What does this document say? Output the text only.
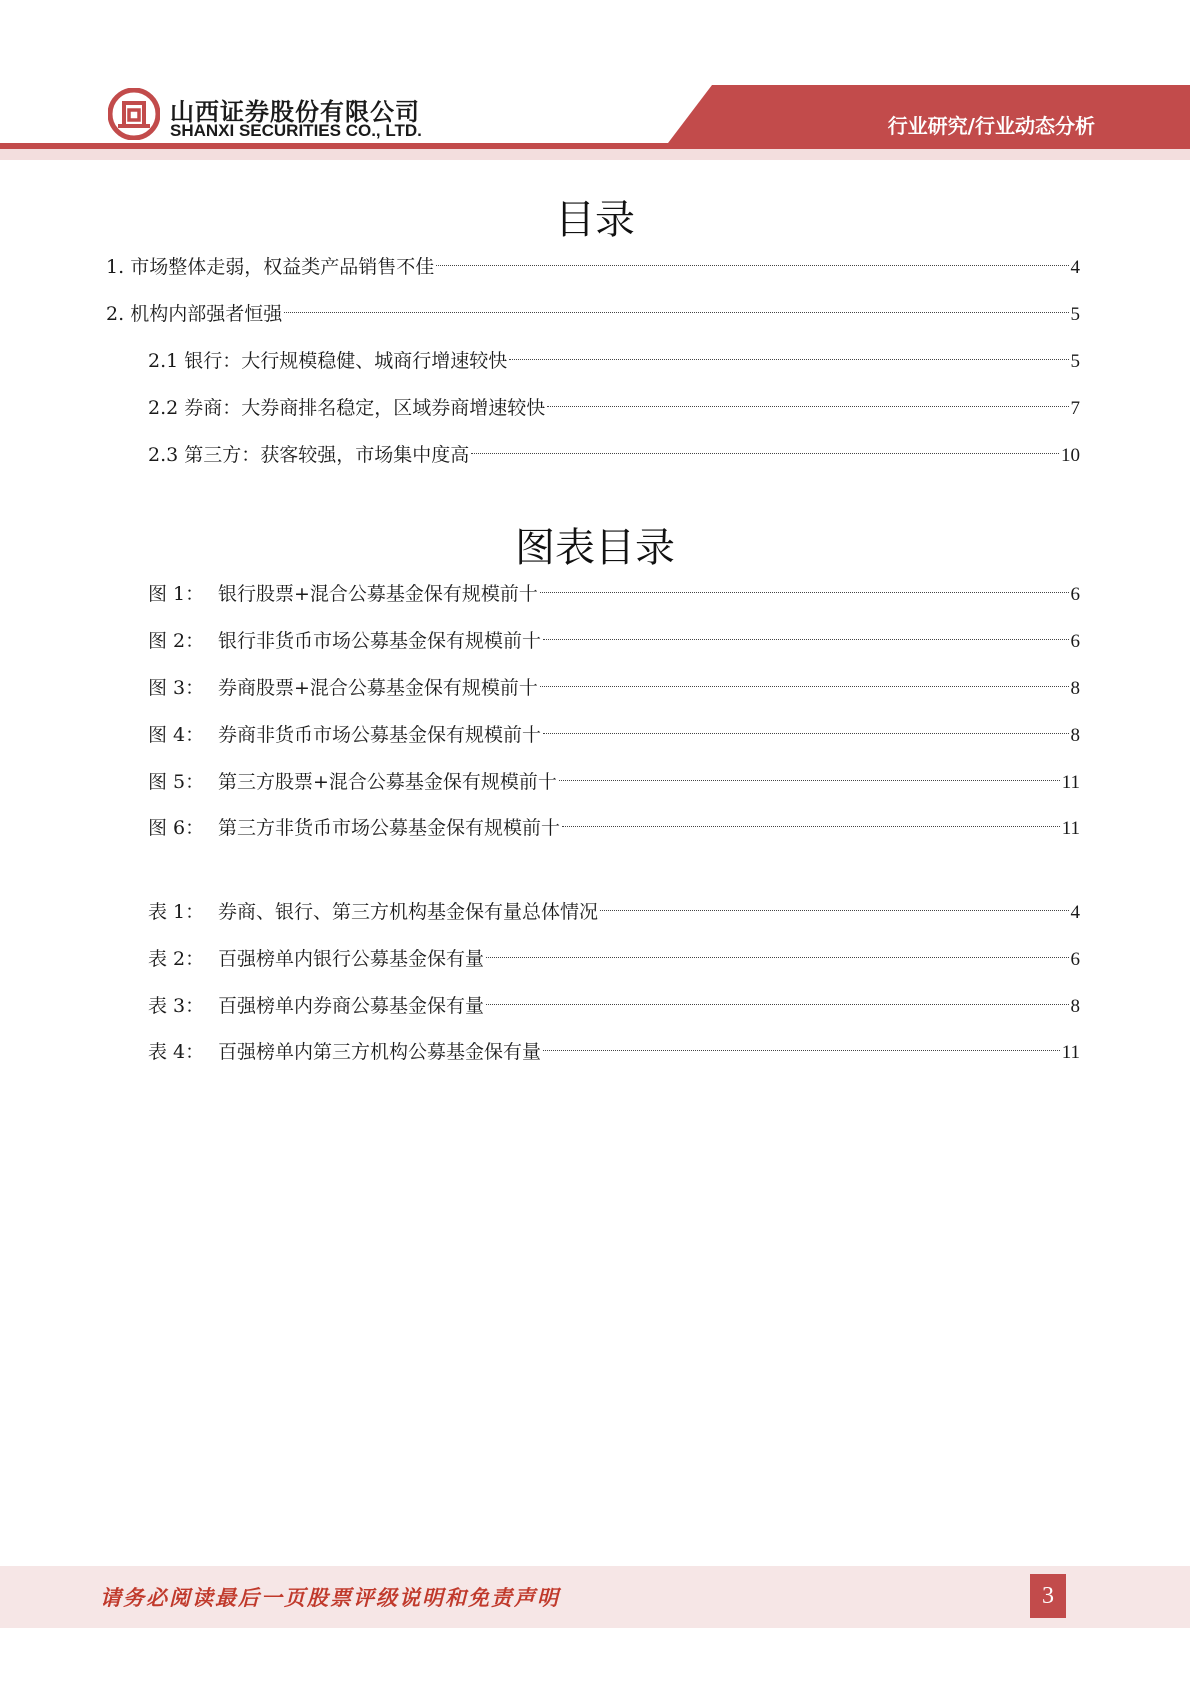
山西证券股份有限公司
SHANXI SECURITIES CO., LTD.	行业研究/行业动态分析
目录
1.
市场整体走弱，权益类产品销售不佳	4
2.
机构内部强者恒强	5
2.1
银行：大行规模稳健、城商行增速较快	5
2.2
券商：大券商排名稳定，区域券商增速较快	7
2.3
第三方：获客较强，市场集中度高	10
图表目录
图 1： 银行股票+混合公募基金保有规模前十	6
图 2： 银行非货币市场公募基金保有规模前十	6
图 3： 券商股票+混合公募基金保有规模前十	8
图 4： 券商非货币市场公募基金保有规模前十	8
图 5： 第三方股票+混合公募基金保有规模前十	11
图 6： 第三方非货币市场公募基金保有规模前十	11
表 1： 券商、银行、第三方机构基金保有量总体情况	4
表 2： 百强榜单内银行公募基金保有量	6
表 3： 百强榜单内券商公募基金保有量	8
表 4： 百强榜单内第三方机构公募基金保有量	11
请务必阅读最后一页股票评级说明和免责声明	3
